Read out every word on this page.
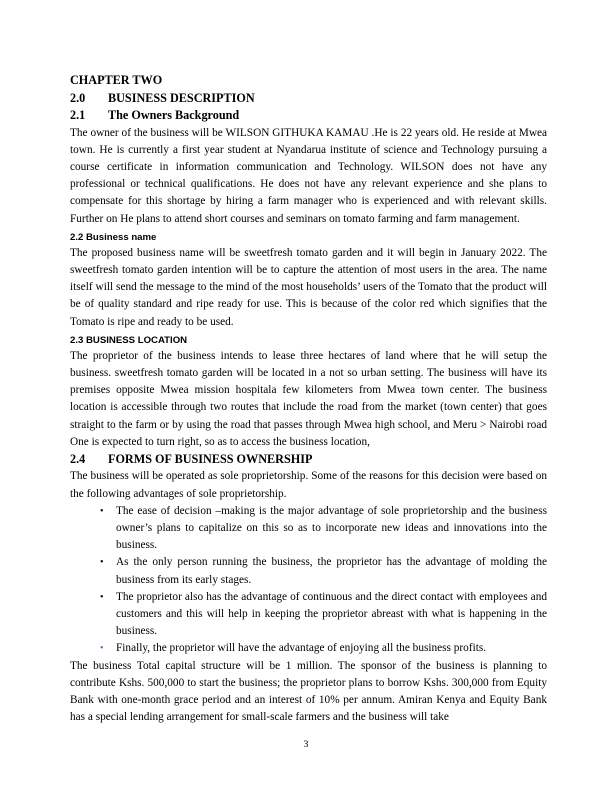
CHAPTER TWO
2.0 BUSINESS DESCRIPTION
2.1 The Owners Background
The owner of the business will be WILSON GITHUKA KAMAU .He is 22 years old. He reside at Mwea town. He is currently a first year student at Nyandarua institute of science and Technology pursuing a course certificate in information communication and Technology. WILSON does not have any professional or technical qualifications. He does not have any relevant experience and she plans to compensate for this shortage by hiring a farm manager who is experienced and with relevant skills. Further on He plans to attend short courses and seminars on tomato farming and farm management.
2.2 Business name
The proposed business name will be sweetfresh tomato garden and it will begin in January 2022. The sweetfresh tomato garden intention will be to capture the attention of most users in the area. The name itself will send the message to the mind of the most households’ users of the Tomato that the product will be of quality standard and ripe ready for use. This is because of the color red which signifies that the Tomato is ripe and ready to be used.
2.3 BUSINESS LOCATION
The proprietor of the business intends to lease three hectares of land where that he will setup the business. sweetfresh tomato garden will be located in a not so urban setting. The business will have its premises opposite Mwea mission hospitala few kilometers from Mwea town center. The business location is accessible through two routes that include the road from the market (town center) that goes straight to the farm or by using the road that passes through Mwea high school, and Meru > Nairobi road One is expected to turn right, so as to access the business location,
2.4 FORMS OF BUSINESS OWNERSHIP
The business will be operated as sole proprietorship. Some of the reasons for this decision were based on the following advantages of sole proprietorship.
• The ease of decision –making is the major advantage of sole proprietorship and the business owner’s plans to capitalize on this so as to incorporate new ideas and innovations into the business.
• As the only person running the business, the proprietor has the advantage of molding the business from its early stages.
• The proprietor also has the advantage of continuous and the direct contact with employees and customers and this will help in keeping the proprietor abreast with what is happening in the business.
• Finally, the proprietor will have the advantage of enjoying all the business profits.
The business Total capital structure will be 1 million. The sponsor of the business is planning to contribute Kshs. 500,000 to start the business; the proprietor plans to borrow Kshs. 300,000 from Equity Bank with one-month grace period and an interest of 10% per annum. Amiran Kenya and Equity Bank has a special lending arrangement for small-scale farmers and the business will take
3
